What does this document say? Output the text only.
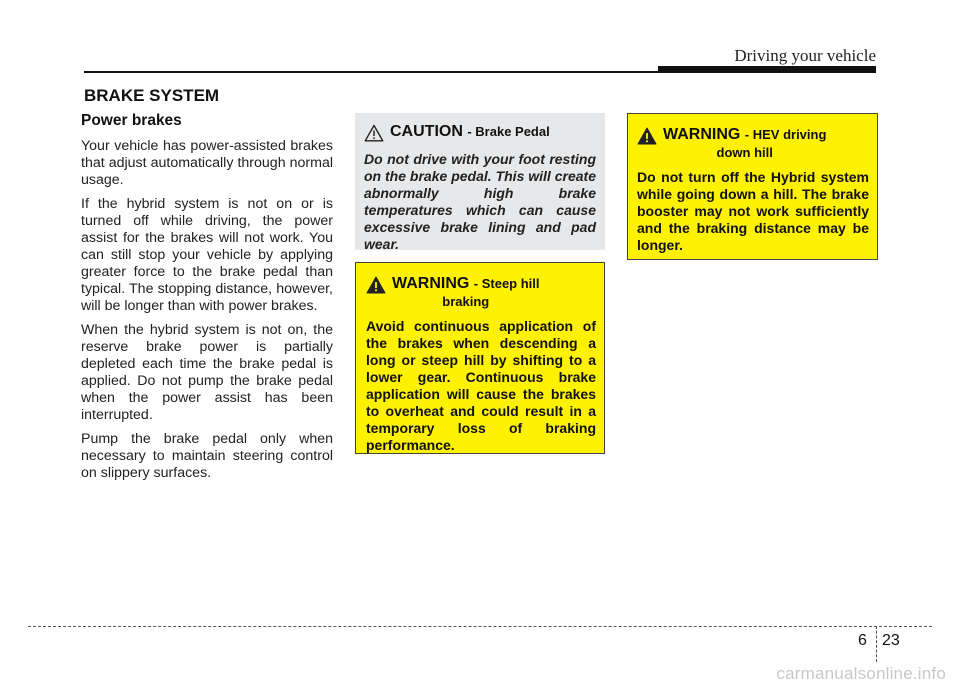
Driving your vehicle
BRAKE SYSTEM
Power brakes

Your vehicle has power-assisted brakes that adjust automatically through normal usage.

If the hybrid system is not on or is turned off while driving, the power assist for the brakes will not work. You can still stop your vehicle by applying greater force to the brake pedal than typical. The stopping distance, however, will be longer than with power brakes.

When the hybrid system is not on, the reserve brake power is partially depleted each time the brake pedal is applied. Do not pump the brake pedal when the power assist has been interrupted.

Pump the brake pedal only when necessary to maintain steering control on slippery surfaces.

CAUTION - Brake Pedal

Do not drive with your foot resting on the brake pedal. This will create abnormally high brake temperatures which can cause excessive brake lining and pad wear.

WARNING - Steep hill
braking

Avoid continuous application of the brakes when descending a long or steep hill by shifting to a lower gear. Continuous brake application will cause the brakes to overheat and could result in a temporary loss of braking performance.

WARNING - HEV driving
down hill

Do not turn off the Hybrid system while going down a hill. The brake booster may not work sufficiently and the braking distance may be longer.

6 23
carmanualsonline.info
